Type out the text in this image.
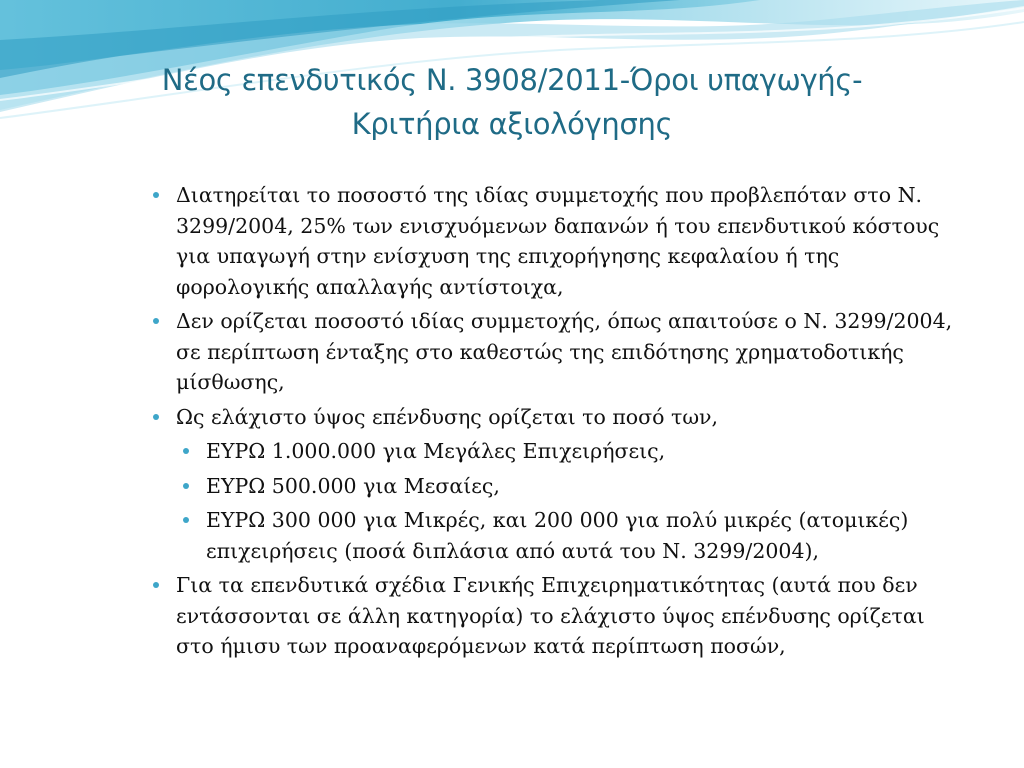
Νέος επενδυτικός Ν. 3908/2011-Όροι υπαγωγής-
Κριτήρια αξιολόγησης
Διατηρείται το ποσοστό της ιδίας συμμετοχής που προβλεπόταν στο Ν. 3299/2004, 25% των ενισχυόμενων δαπανών ή του επενδυτικού κόστους για υπαγωγή στην ενίσχυση της επιχορήγησης κεφαλαίου ή της φορολογικής απαλλαγής αντίστοιχα,
Δεν ορίζεται ποσοστό ιδίας συμμετοχής, όπως απαιτούσε ο Ν. 3299/2004, σε περίπτωση ένταξης στο καθεστώς της επιδότησης χρηματοδοτικής μίσθωσης,
Ως ελάχιστο ύψος επένδυσης ορίζεται το ποσό των,
ΕΥΡΩ 1.000.000 για Μεγάλες Επιχειρήσεις,
ΕΥΡΩ 500.000 για Μεσαίες,
ΕΥΡΩ 300 000 για Μικρές, και 200 000 για πολύ μικρές (ατομικές) επιχειρήσεις (ποσά διπλάσια από αυτά του Ν. 3299/2004),
Για τα επενδυτικά σχέδια Γενικής Επιχειρηματικότητας (αυτά που δεν εντάσσονται σε άλλη κατηγορία) το ελάχιστο ύψος επένδυσης ορίζεται στο ήμισυ των προαναφερόμενων κατά περίπτωση ποσών,
